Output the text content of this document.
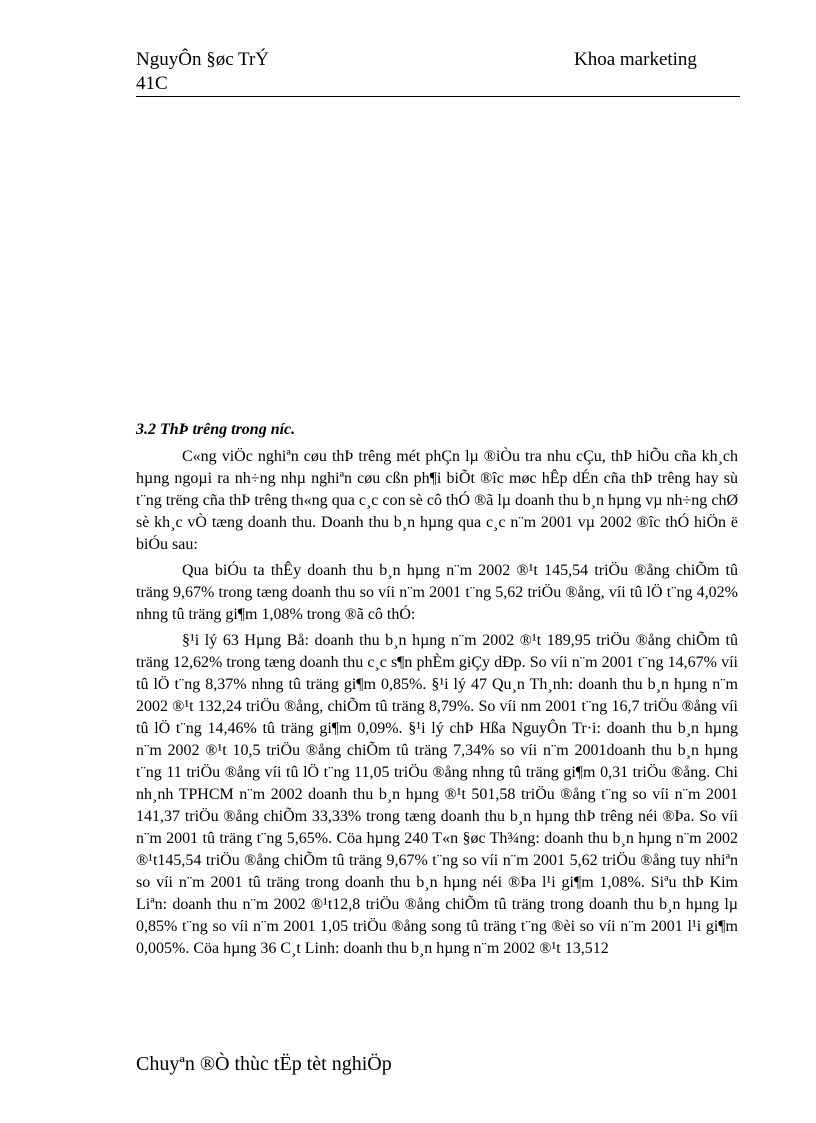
NguyÔn §øc TrÝ
41C
Khoa marketing
3.2 ThÞ trêng trong níc.

C«ng viÖc nghiªn cøu thÞ trêng mét phÇn lµ ®iÒu tra nhu cÇu, thÞ hiÕu cña kh¸ch hµng ngoµi ra nh÷ng nhµ nghiªn cøu cßn ph¶i biÕt ®îc møc hÊp dÉn cña thÞ trêng hay sù t¨ng trëng cña thÞ trêng th«ng qua c¸c con sè cô thÓ ®ã lµ doanh thu b¸n hµng vµ nh÷ng chØ sè kh¸c vÒ tæng doanh thu. Doanh thu b¸n hµng qua c¸c n¨m 2001 vµ 2002 ®îc thÓ hiÖn ë biÓu sau:

Qua biÓu ta thÊy doanh thu b¸n hµng n¨m 2002 ®¹t 145,54 triÖu ®ång chiÕm tû träng 9,67% trong tæng doanh thu so víi n¨m 2001 t¨ng 5,62 triÖu ®ång, víi tû lÖ t¨ng 4,02% nhng tû träng gi¶m 1,08% trong ®ã cô thÓ:

§¹i lý 63 Hµng Bå: doanh thu b¸n hµng n¨m 2002 ®¹t 189,95 triÖu ®ång chiÕm tû träng 12,62% trong tæng doanh thu c¸c s¶n phÈm giÇy dÐp. So víi n¨m 2001 t¨ng 14,67% víi tû lÖ t¨ng 8,37% nhng tû träng gi¶m 0,85%. §¹i lý 47 Qu¸n Th¸nh: doanh thu b¸n hµng n¨m 2002 ®¹t 132,24 triÖu ®ång, chiÕm tû träng 8,79%. So víi nm 2001 t¨ng 16,7 triÖu ®ång víi tû lÖ t¨ng 14,46% tû träng gi¶m 0,09%. §¹i lý chÞ Hßa NguyÔn Tr·i: doanh thu b¸n hµng n¨m 2002 ®¹t 10,5 triÖu ®ång chiÕm tû träng 7,34% so víi n¨m 2001doanh thu b¸n hµng t¨ng 11 triÖu ®ång víi tû lÖ t¨ng 11,05 triÖu ®ång nhng tû träng gi¶m 0,31 triÖu ®ång. Chi nh¸nh TPHCM n¨m 2002 doanh thu b¸n hµng ®¹t 501,58 triÖu ®ång t¨ng so víi n¨m 2001 141,37 triÖu ®ång chiÕm 33,33% trong tæng doanh thu b¸n hµng thÞ trêng néi ®Þa. So víi n¨m 2001 tû träng t¨ng 5,65%. Cöa hµng 240 T«n §øc Th¾ng: doanh thu b¸n hµng n¨m 2002 ®¹t145,54 triÖu ®ång chiÕm tû träng 9,67% t¨ng so víi n¨m 2001 5,62 triÖu ®ång tuy nhiªn so víi n¨m 2001 tû träng trong doanh thu b¸n hµng néi ®Þa l¹i gi¶m 1,08%. Siªu thÞ Kim Liªn: doanh thu n¨m 2002 ®¹t12,8 triÖu ®ång chiÕm tû träng trong doanh thu b¸n hµng lµ 0,85% t¨ng so víi n¨m 2001 1,05 triÖu ®ång song tû träng t¨ng ®èi so víi n¨m 2001 l¹i gi¶m 0,005%. Cöa hµng 36 C¸t Linh: doanh thu b¸n hµng n¨m 2002 ®¹t 13,512

Chuyªn ®Ò thùc tËp tèt nghiÖp
